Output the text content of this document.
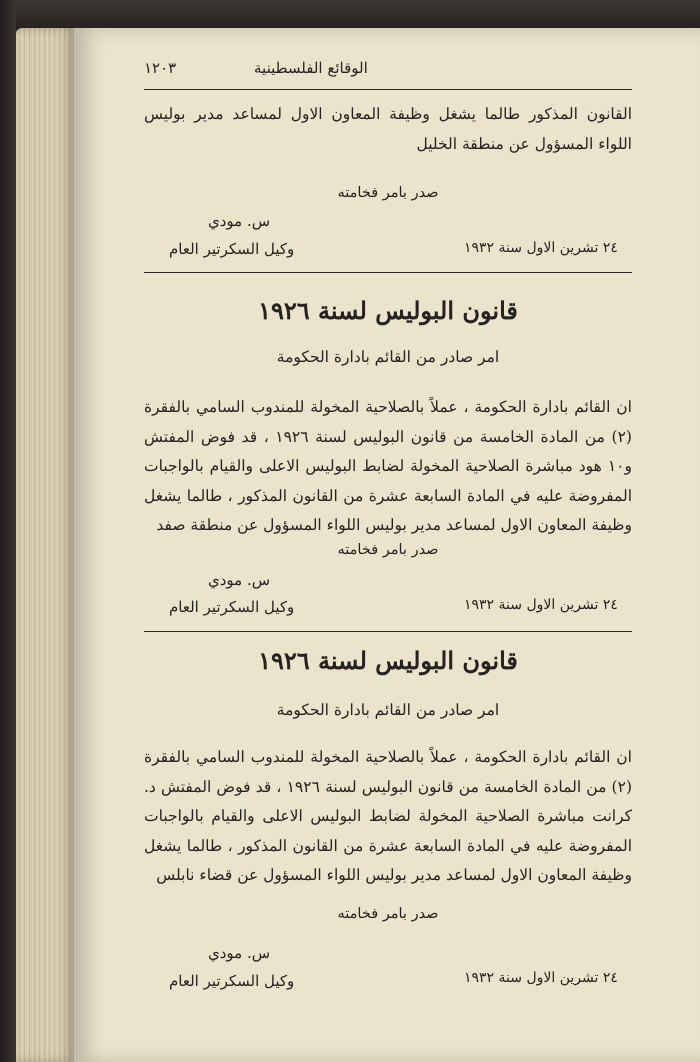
الوقائع الفلسطينية
١٢٠٣
القانون المذكور طالما يشغل وظيفة المعاون الاول لمساعد مدير بوليس اللواء المسؤول عن منطقة الخليل
صدر بامر فخامته
س. مودي
وكيل السكرتير العام	٢٤ تشرين الاول سنة ١٩٣٢
قانون البوليس لسنة ١٩٢٦
امر صادر من القائم بادارة الحكومة
ان القائم بادارة الحكومة ، عملاً بالصلاحية المخولة للمندوب السامي بالفقرة (٢) من المادة الخامسة من قانون البوليس لسنة ١٩٢٦ ، قد فوض المفتش و١٠ هود مباشرة الصلاحية المخولة لضابط البوليس الاعلى والقيام بالواجبات المفروضة عليه في المادة السابعة عشرة من القانون المذكور ، طالما يشغل وظيفة المعاون الاول لمساعد مدير بوليس اللواء المسؤول عن منطقة صفد
صدر بامر فخامته
س. مودي
وكيل السكرتير العام	٢٤ تشرين الاول سنة ١٩٣٢
قانون البوليس لسنة ١٩٢٦
امر صادر من القائم بادارة الحكومة
ان القائم بادارة الحكومة ، عملاً بالصلاحية المخولة للمندوب السامي بالفقرة (٢) من المادة الخامسة من قانون البوليس لسنة ١٩٢٦ ، قد فوض المفتش د. كرانت مباشرة الصلاحية المخولة لضابط البوليس الاعلى والقيام بالواجبات المفروضة عليه في المادة السابعة عشرة من القانون المذكور ، طالما يشغل وظيفة المعاون الاول لمساعد مدير بوليس اللواء المسؤول عن قضاء نابلس
صدر بامر فخامته
س. مودي
وكيل السكرتير العام	٢٤ تشرين الاول سنة ١٩٣٢
